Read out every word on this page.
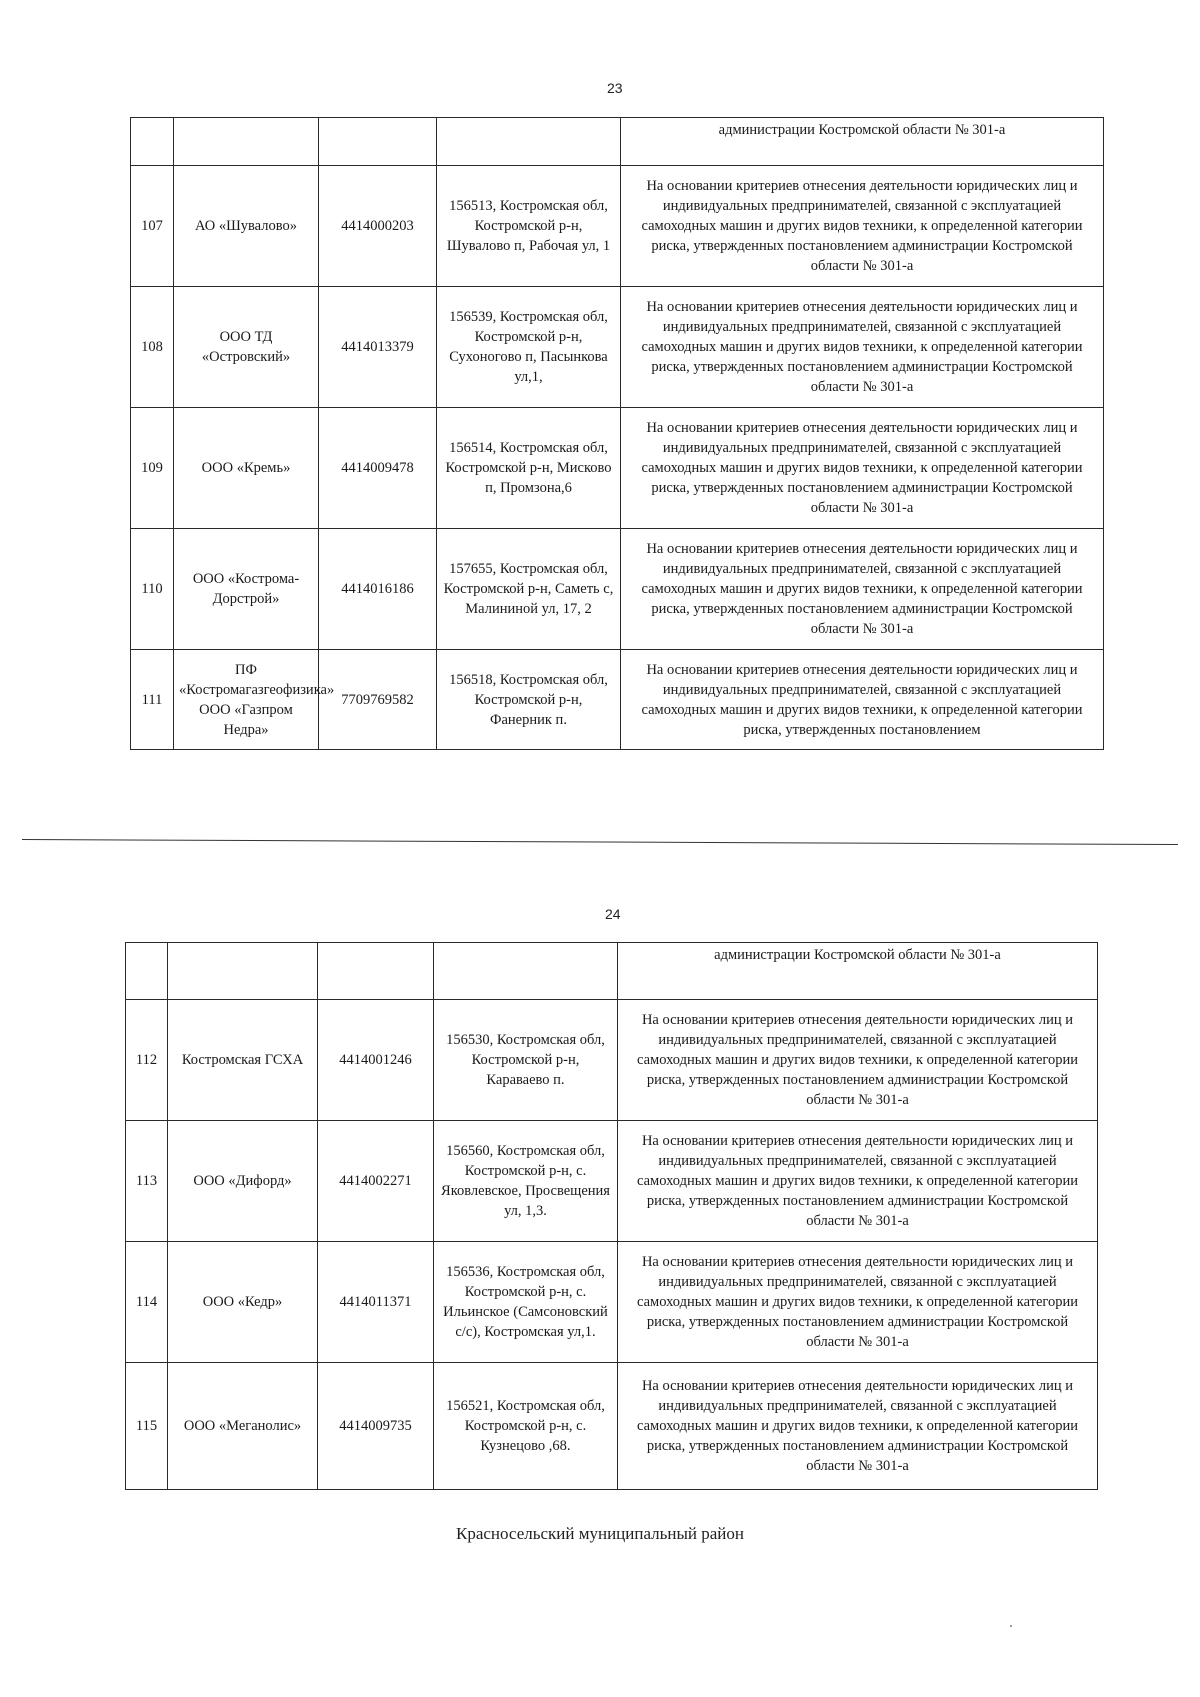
23
				администрации Костромской области № 301-а
107	АО «Шувалово»	4414000203	156513, Костромская обл, Костромской р-н, Шувалово п, Рабочая ул, 1	На основании критериев отнесения деятельности юридических лиц и индивидуальных предпринимателей, связанной с эксплуатацией самоходных машин и других видов техники, к определенной категории риска, утвержденных постановлением администрации Костромской области № 301-а
108	ООО ТД «Островский»	4414013379	156539, Костромская обл, Костромской р-н, Сухоногово п, Пасынкова ул,1,	На основании критериев отнесения деятельности юридических лиц и индивидуальных предпринимателей, связанной с эксплуатацией самоходных машин и других видов техники, к определенной категории риска, утвержденных постановлением администрации Костромской области № 301-а
109	ООО «Кремь»	4414009478	156514, Костромская обл, Костромской р-н, Мисково п, Промзона,6	На основании критериев отнесения деятельности юридических лиц и индивидуальных предпринимателей, связанной с эксплуатацией самоходных машин и других видов техники, к определенной категории риска, утвержденных постановлением администрации Костромской области № 301-а
110	ООО «Кострома-Дорстрой»	4414016186	157655, Костромская обл, Костромской р-н, Саметь с, Малининой ул, 17, 2	На основании критериев отнесения деятельности юридических лиц и индивидуальных предпринимателей, связанной с эксплуатацией самоходных машин и других видов техники, к определенной категории риска, утвержденных постановлением администрации Костромской области № 301-а
111	ПФ «Костромагазгеофизика» ООО «Газпром Недра»	7709769582	156518, Костромская обл, Костромской р-н, Фанерник п.	На основании критериев отнесения деятельности юридических лиц и индивидуальных предпринимателей, связанной с эксплуатацией самоходных машин и других видов техники, к определенной категории риска, утвержденных постановлением
24
				администрации Костромской области № 301-а
112	Костромская ГСХА	4414001246	156530, Костромская обл, Костромской р-н, Караваево п.	На основании критериев отнесения деятельности юридических лиц и индивидуальных предпринимателей, связанной с эксплуатацией самоходных машин и других видов техники, к определенной категории риска, утвержденных постановлением администрации Костромской области № 301-а
113	ООО «Дифорд»	4414002271	156560, Костромская обл, Костромской р-н, с. Яковлевское, Просвещения ул, 1,3.	На основании критериев отнесения деятельности юридических лиц и индивидуальных предпринимателей, связанной с эксплуатацией самоходных машин и других видов техники, к определенной категории риска, утвержденных постановлением администрации Костромской области № 301-а
114	ООО «Кедр»	4414011371	156536, Костромская обл, Костромской р-н, с. Ильинское (Самсоновский с/с), Костромская ул,1.	На основании критериев отнесения деятельности юридических лиц и индивидуальных предпринимателей, связанной с эксплуатацией самоходных машин и других видов техники, к определенной категории риска, утвержденных постановлением администрации Костромской области № 301-а
115	ООО «Меганолис»	4414009735	156521, Костромская обл, Костромской р-н, с. Кузнецово ,68.	На основании критериев отнесения деятельности юридических лиц и индивидуальных предпринимателей, связанной с эксплуатацией самоходных машин и других видов техники, к определенной категории риска, утвержденных постановлением администрации Костромской области № 301-а
Красносельский муниципальный район
